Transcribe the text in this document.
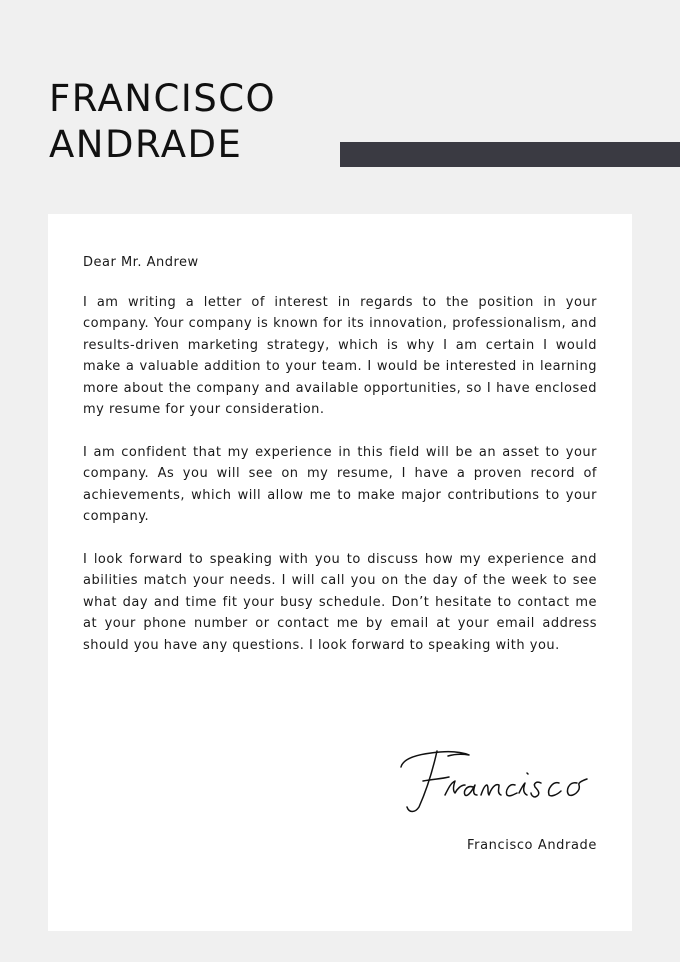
FRANCISCO
ANDRADE

Dear Mr. Andrew

I am writing a letter of interest in regards to the position in your company. Your company is known for its innovation, professionalism, and results-driven marketing strategy, which is why I am certain I would make a valuable addition to your team. I would be interested in learning more about the company and available opportunities, so I have enclosed my resume for your consideration.

I am confident that my experience in this field will be an asset to your company. As you will see on my resume, I have a proven record of achievements, which will allow me to make major contributions to your company.

I look forward to speaking with you to discuss how my experience and abilities match your needs. I will call you on the day of the week to see what day and time fit your busy schedule. Don’t hesitate to contact me at your phone number or contact me by email at your email address should you have any questions. I look forward to speaking with you.

Francisco Andrade
